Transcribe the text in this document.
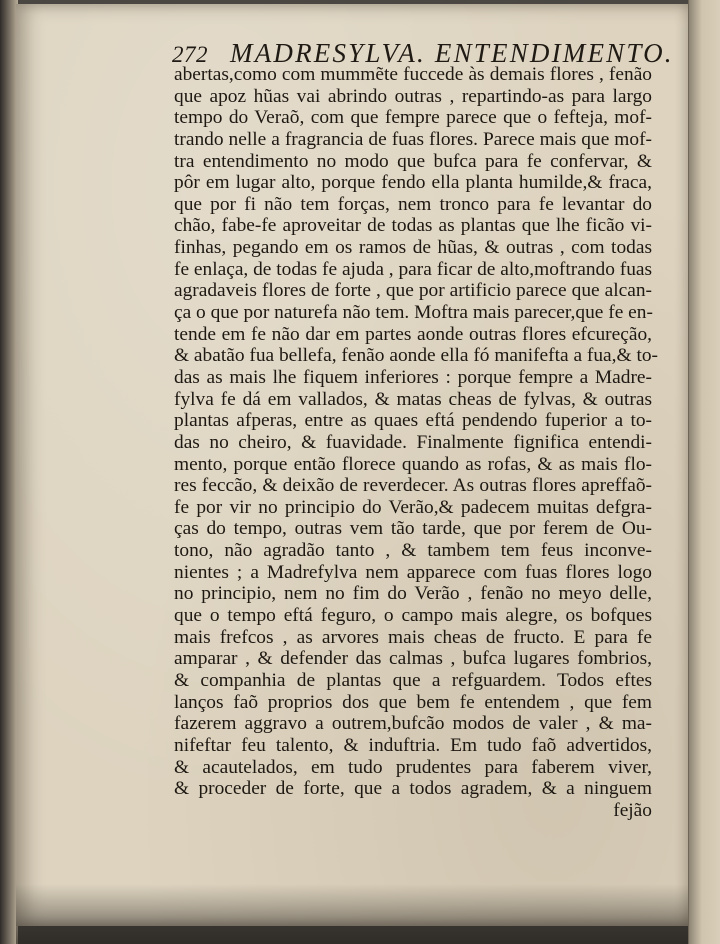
272 MADRESYLVA. ENTENDIMENTO.
abertas,como com mummẽte fuccede às demais flores , fenão
que apoz hũas vai abrindo outras , repartindo-as para largo
tempo do Veraõ, com que fempre parece que o fefteja, mof-
trando nelle a fragrancia de fuas flores. Parece mais que mof-
tra entendimento no modo que bufca para fe confervar, &
pôr em lugar alto, porque fendo ella planta humilde,& fraca,
que por fi não tem forças, nem tronco para fe levantar do
chão, fabe-fe aproveitar de todas as plantas que lhe ficão vi-
finhas, pegando em os ramos de hũas, & outras , com todas
fe enlaça, de todas fe ajuda , para ficar de alto,moftrando fuas
agradaveis flores de forte , que por artificio parece que alcan-
ça o que por naturefa não tem. Moftra mais parecer,que fe en-
tende em fe não dar em partes aonde outras flores efcureção,
& abatão fua bellefa, fenão aonde ella fó manifefta a fua,& to-
das as mais lhe fiquem inferiores : porque fempre a Madre-
fylva fe dá em vallados, & matas cheas de fylvas, & outras
plantas afperas, entre as quaes eftá pendendo fuperior a to-
das no cheiro, & fuavidade. Finalmente fignifica entendi-
mento, porque então florece quando as rofas, & as mais flo-
res feccão, & deixão de reverdecer. As outras flores apreffaõ-
fe por vir no principio do Verão,& padecem muitas defgra-
ças do tempo, outras vem tão tarde, que por ferem de Ou-
tono, não agradão tanto , & tambem tem feus inconve-
nientes ; a Madrefylva nem apparece com fuas flores logo
no principio, nem no fim do Verão , fenão no meyo delle,
que o tempo eftá feguro, o campo mais alegre, os bofques
mais frefcos , as arvores mais cheas de fructo. E para fe
amparar , & defender das calmas , bufca lugares fombrios,
& companhia de plantas que a refguardem. Todos eftes
lanços faõ proprios dos que bem fe entendem , que fem
fazerem aggravo a outrem,bufcão modos de valer , & ma-
nifeftar feu talento, & induftria. Em tudo faõ advertidos,
& acautelados, em tudo prudentes para faberem viver,
& proceder de forte, que a todos agradem, & a ninguem
fejão
